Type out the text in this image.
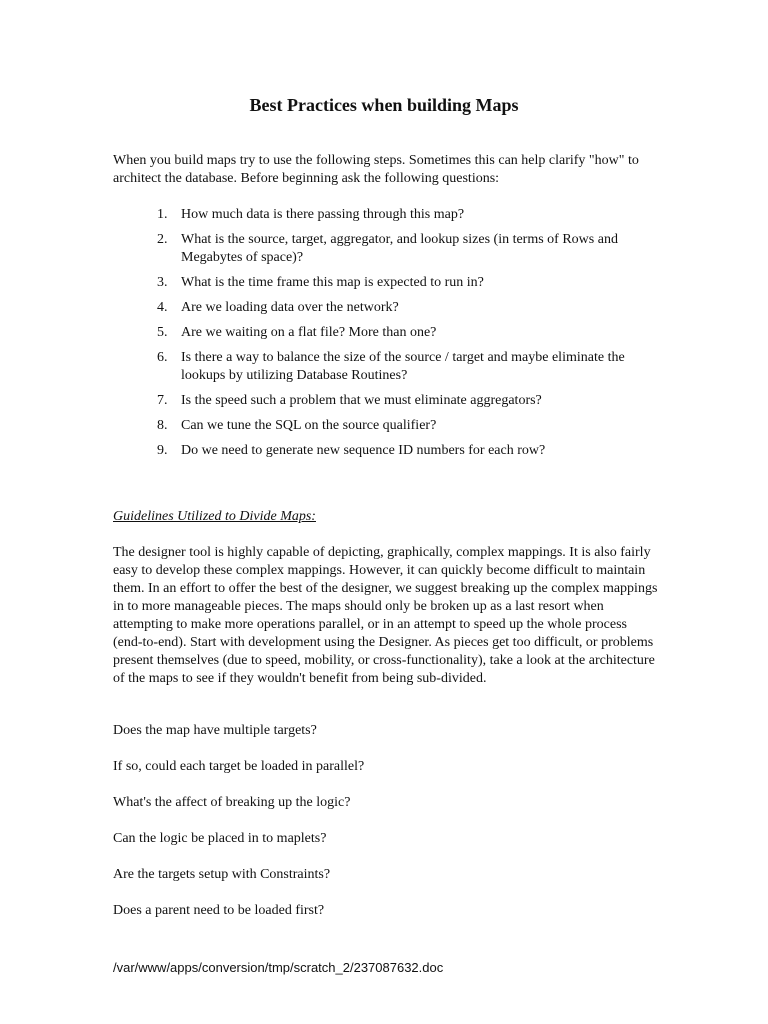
Best Practices when building Maps

When you build maps try to use the following steps. Sometimes this can help clarify "how" to architect the database. Before beginning ask the following questions:

1. How much data is there passing through this map?
2. What is the source, target, aggregator, and lookup sizes (in terms of Rows and Megabytes of space)?
3. What is the time frame this map is expected to run in?
4. Are we loading data over the network?
5. Are we waiting on a flat file? More than one?
6. Is there a way to balance the size of the source / target and maybe eliminate the lookups by utilizing Database Routines?
7. Is the speed such a problem that we must eliminate aggregators?
8. Can we tune the SQL on the source qualifier?
9. Do we need to generate new sequence ID numbers for each row?

Guidelines Utilized to Divide Maps:

The designer tool is highly capable of depicting, graphically, complex mappings. It is also fairly easy to develop these complex mappings. However, it can quickly become difficult to maintain them. In an effort to offer the best of the designer, we suggest breaking up the complex mappings in to more manageable pieces. The maps should only be broken up as a last resort when attempting to make more operations parallel, or in an attempt to speed up the whole process (end-to-end). Start with development using the Designer. As pieces get too difficult, or problems present themselves (due to speed, mobility, or cross-functionality), take a look at the architecture of the maps to see if they wouldn't benefit from being sub-divided.

Does the map have multiple targets?

If so, could each target be loaded in parallel?

What's the affect of breaking up the logic?

Can the logic be placed in to maplets?

Are the targets setup with Constraints?

Does a parent need to be loaded first?

/var/www/apps/conversion/tmp/scratch_2/237087632.doc
